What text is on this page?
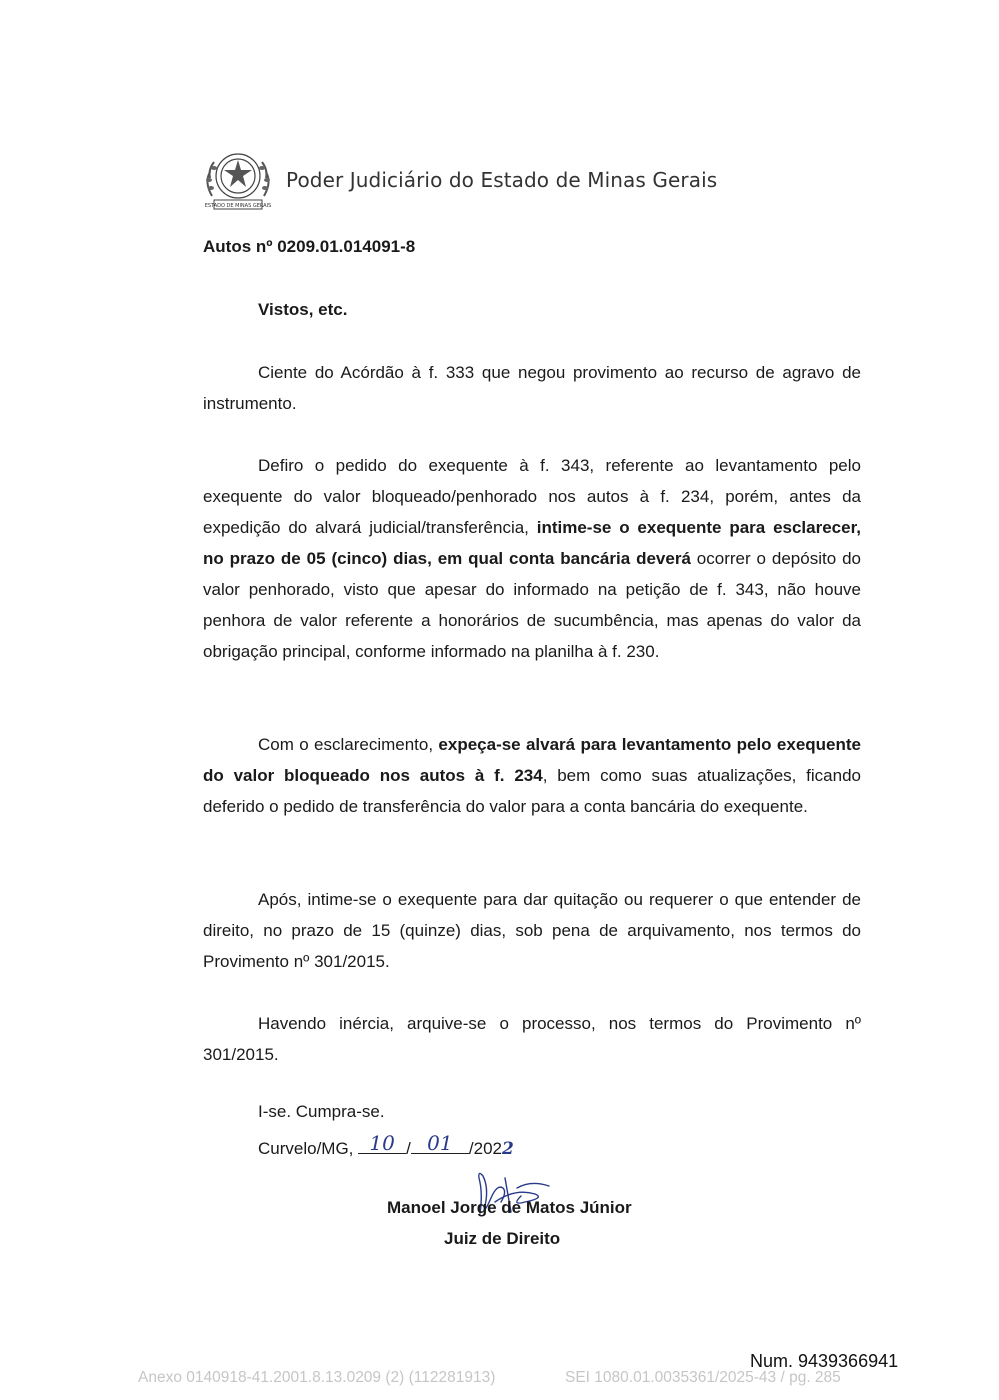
ESTADO DE MINAS GERAIS
Poder Judiciário do Estado de Minas Gerais
Autos nº 0209.01.014091-8
Vistos, etc.
Ciente do Acórdão à f. 333 que negou provimento ao recurso de agravo de instrumento.
Defiro o pedido do exequente à f. 343, referente ao levantamento pelo exequente do valor bloqueado/penhorado nos autos à f. 234, porém, antes da expedição do alvará judicial/transferência, intime-se o exequente para esclarecer, no prazo de 05 (cinco) dias, em qual conta bancária deverá ocorrer o depósito do valor penhorado, visto que apesar do informado na petição de f. 343, não houve penhora de valor referente a honorários de sucumbência, mas apenas do valor da obrigação principal, conforme informado na planilha à f. 230.
Com o esclarecimento, expeça-se alvará para levantamento pelo exequente do valor bloqueado nos autos à f. 234, bem como suas atualizações, ficando deferido o pedido de transferência do valor para a conta bancária do exequente.
Após, intime-se o exequente para dar quitação ou requerer o que entender de direito, no prazo de 15 (quinze) dias, sob pena de arquivamento, nos termos do Provimento nº 301/2015.
Havendo inércia, arquive-se o processo, nos termos do Provimento nº 301/2015.
I-se. Cumpra-se.
Curvelo/MG, 10 / 01 /2022
Manoel Jorge de Matos Júnior
Juiz de Direito
Num. 9439366941
Anexo 0140918-41.2001.8.13.0209 (2) (112281913)	SEI 1080.01.0035361/2025-43 / pg. 285
